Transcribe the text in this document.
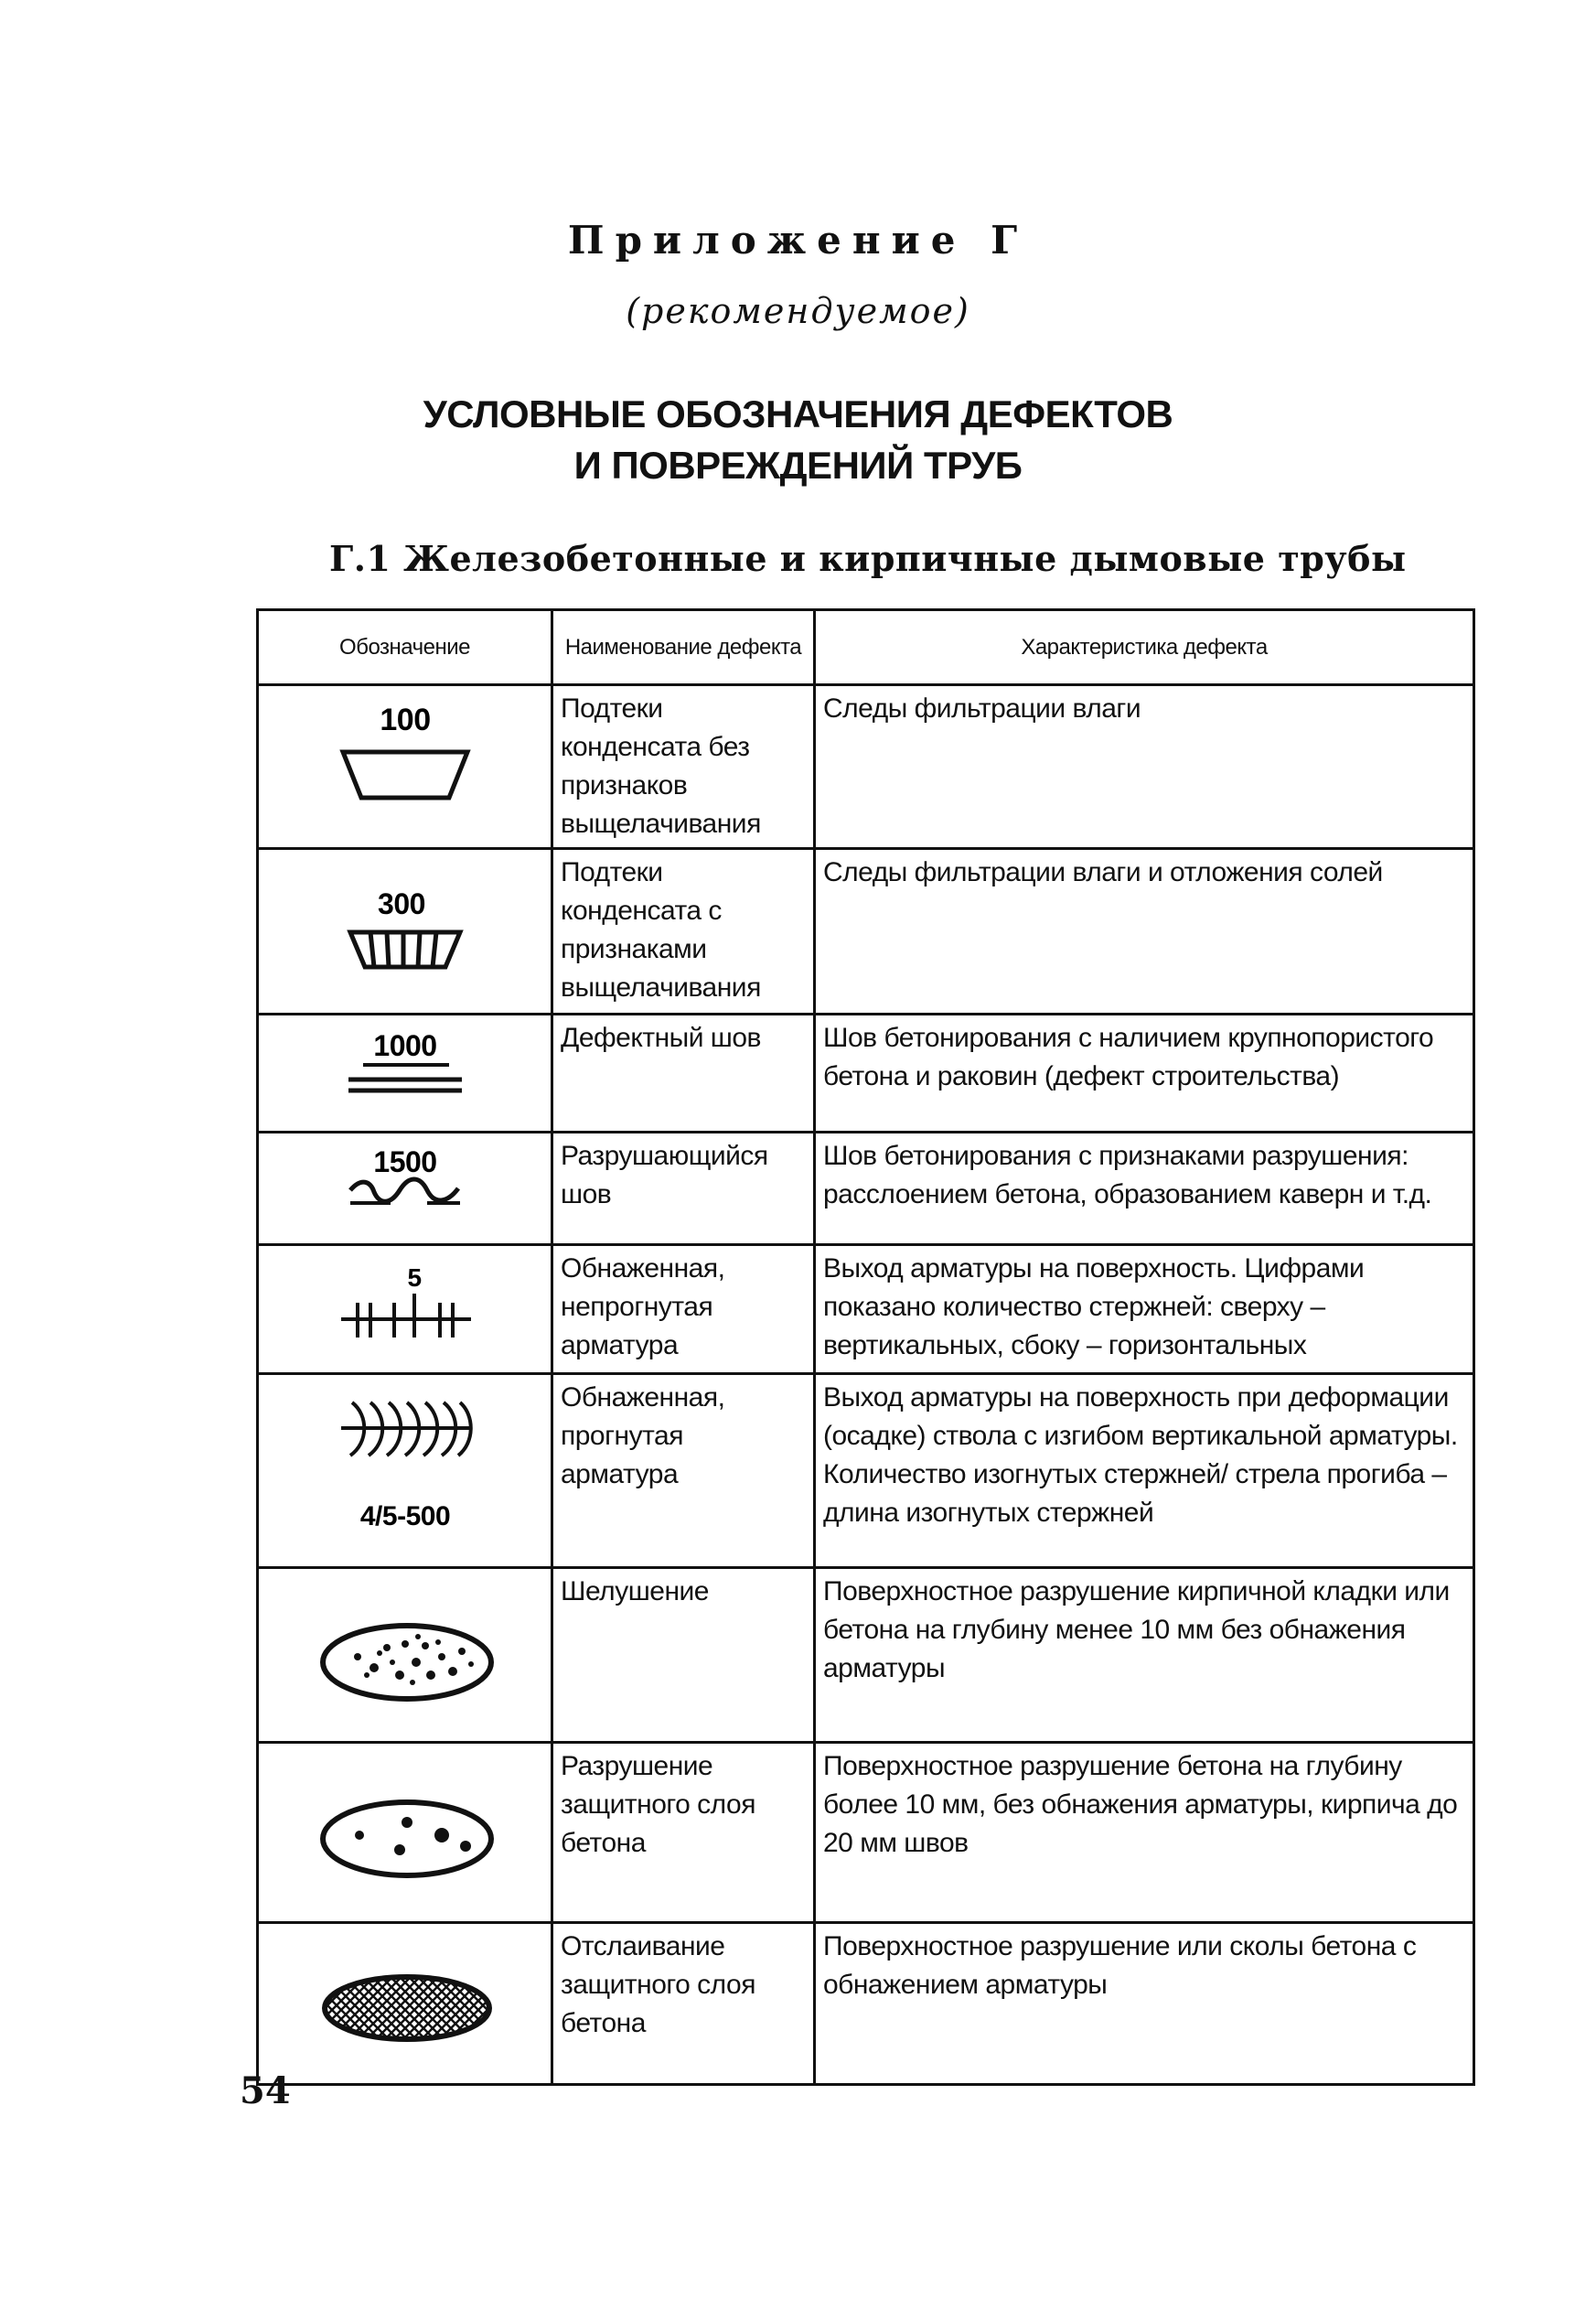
Приложение Г
(рекомендуемое)
УСЛОВНЫЕ ОБОЗНАЧЕНИЯ ДЕФЕКТОВ
И ПОВРЕЖДЕНИЙ ТРУБ
Г.1 Железобетонные и кирпичные дымовые трубы
Обозначение	Наименование дефекта	Характеристика дефекта

100	Подтеки конденсата без признаков выщелачивания	Следы фильтрации влаги

300	Подтеки конденсата с признаками выщелачивания	Следы фильтрации влаги и отложения солей

1000	Дефектный шов	Шов бетонирования с наличием крупнопористого бетона и раковин (дефект строительства)

1500	Разрушающийся шов	Шов бетонирования с признаками разрушения: расслоением бетона, образованием каверн и т.д.

5	Обнаженная, непрогнутая арматура	Выход арматуры на поверхность. Цифрами показано количество стержней: сверху – вертикальных, сбоку – горизонтальных

4/5-500	Обнаженная, прогнутая арматура	Выход арматуры на поверхность при деформации (осадке) ствола с изгибом вертикальной арматуры. Количество изогнутых стержней/ стрела прогиба – длина изогнутых стержней

	Шелушение	Поверхностное разрушение кирпичной кладки или бетона на глубину менее 10 мм без обнажения арматуры

	Разрушение защитного слоя бетона	Поверхностное разрушение бетона на глубину более 10 мм, без обнажения арматуры, кирпича до 20 мм швов

	Отслаивание защитного слоя бетона	Поверхностное разрушение или сколы бетона с обнажением арматуры
54
